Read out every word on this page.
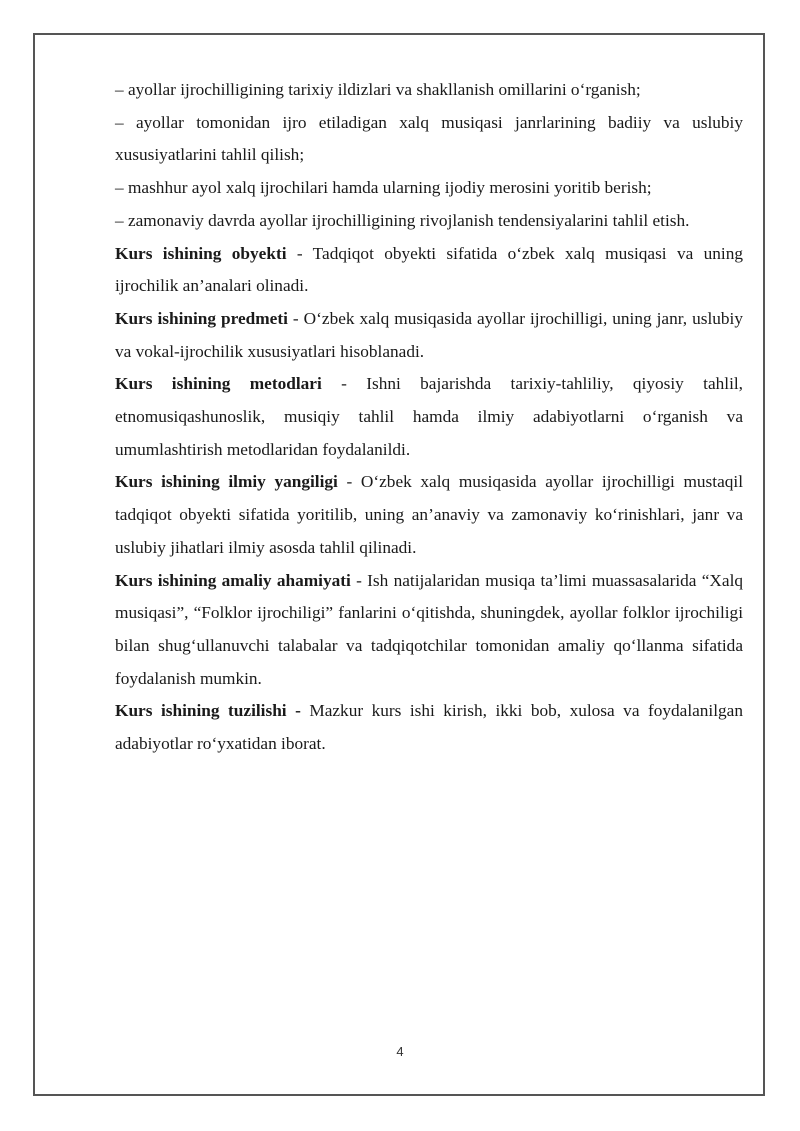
– ayollar ijrochilligining tarixiy ildizlari va shakllanish omillarini o‘rganish;

– ayollar tomonidan ijro etiladigan xalq musiqasi janrlarining badiiy va uslubiy xususiyatlarini tahlil qilish;

– mashhur ayol xalq ijrochilari hamda ularning ijodiy merosini yoritib berish;

– zamonaviy davrda ayollar ijrochilligining rivojlanish tendensiyalarini tahlil etish.

Kurs ishining obyekti - Tadqiqot obyekti sifatida o‘zbek xalq musiqasi va uning ijrochilik an’analari olinadi.

Kurs ishining predmeti - O‘zbek xalq musiqasida ayollar ijrochilligi, uning janr, uslubiy va vokal-ijrochilik xususiyatlari hisoblanadi.

Kurs ishining metodlari - Ishni bajarishda tarixiy-tahliliy, qiyosiy tahlil, etnomusiqashunoslik, musiqiy tahlil hamda ilmiy adabiyotlarni o‘rganish va umumlashtirish metodlaridan foydalanildi.

Kurs ishining ilmiy yangiligi - O‘zbek xalq musiqasida ayollar ijrochilligi mustaqil tadqiqot obyekti sifatida yoritilib, uning an’anaviy va zamonaviy ko‘rinishlari, janr va uslubiy jihatlari ilmiy asosda tahlil qilinadi.

Kurs ishining amaliy ahamiyati - Ish natijalaridan musiqa ta’limi muassasalarida “Xalq musiqasi”, “Folklor ijrochiligi” fanlarini o‘qitishda, shuningdek, ayollar folklor ijrochiligi bilan shug‘ullanuvchi talabalar va tadqiqotchilar tomonidan amaliy qo‘llanma sifatida foydalanish mumkin.

Kurs ishining tuzilishi - Mazkur kurs ishi kirish, ikki bob, xulosa va foydalanilgan adabiyotlar ro‘yxatidan iborat.

4
